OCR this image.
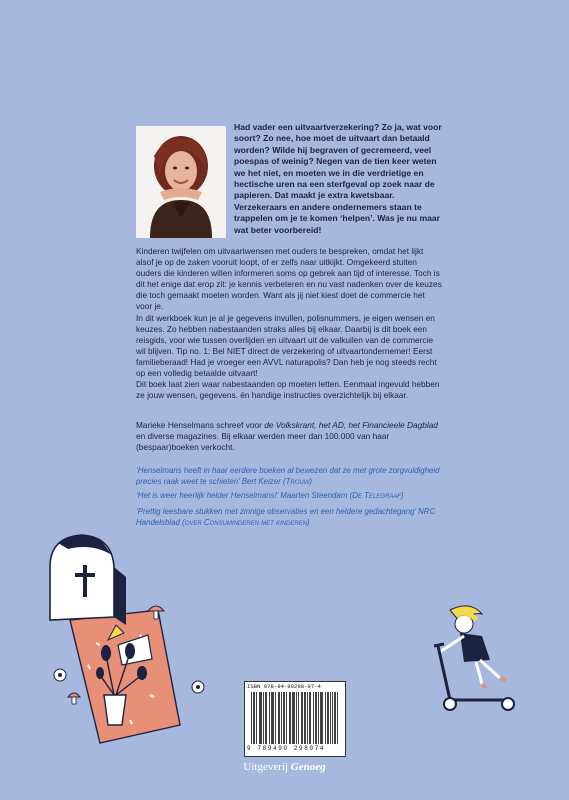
Had vader een uitvaartverzekering? Zo ja, wat voor soort? Zo nee, hoe moet de uitvaart dan betaald worden? Wilde hij begraven of gecremeerd, veel poespas of weinig? Negen van de tien keer weten we het niet, en moeten we in die verdrietige en hectische uren na een sterfgeval op zoek naar de papieren. Dat maakt je extra kwetsbaar. Verzekeraars en andere ondernemers staan te trappelen om je te komen ‘helpen’. Was je nu maar wat beter voorbereid!

Kinderen twijfelen om uitvaartwensen met ouders te bespreken, omdat het lijkt alsof je op de zaken vooruit loopt, of er zelfs naar uitkijkt. Omgekeerd stuiten ouders die kinderen willen informeren soms op gebrek aan tijd of interesse. Toch is dit het enige dat erop zit: je kennis verbeteren en nu vast nadenken over de keuzes die toch gemaakt moeten worden. Want als jij niet kiest doet de commercie het voor je.

In dit werkboek kun je al je gegevens invullen, polisnummers, je eigen wensen en keuzes. Zo hebben nabestaanden straks alles bij elkaar. Daarbij is dit boek een reisgids, voor wie tussen overlijden en uitvaart uit de valkuilen van de commercie wil blijven. Tip no. 1: Bel NIET direct de verzekering of uitvaartondernemer! Eerst familieberaad! Had je vroeger een AVVL naturapolis? Dan heb je nog steeds recht op een volledig betaalde uitvaart!

Dit boek laat zien waar nabestaanden op moeten letten. Eenmaal ingevuld hebben ze jouw wensen, gegevens. én handige instructies overzichtelijk bij elkaar.

Marieke Henselmans schreef voor de Volkskrant, het AD, het Financieele Dagblad en diverse magazines. Bij elkaar werden meer dan 100.000 van haar (bespaar)boeken verkocht.
‘Henselmans heeft in haar eerdere boeken al bewezen dat ze met grote zorgvuldigheid precies raak weet te schieten’ Bert Keizer (Trouw)
‘Het is weer heerlijk helder Henselmans!’ Maarten Steendam (De Telegraaf)
‘Prettig leesbare stukken met zinnige observaties en een heldere gedachtegang’ NRC Handelsblad (over Consuminderen met kinderen)
ISBN 978-94-90298-07-4
9 789490 298074
Uitgeverij Genoeg
